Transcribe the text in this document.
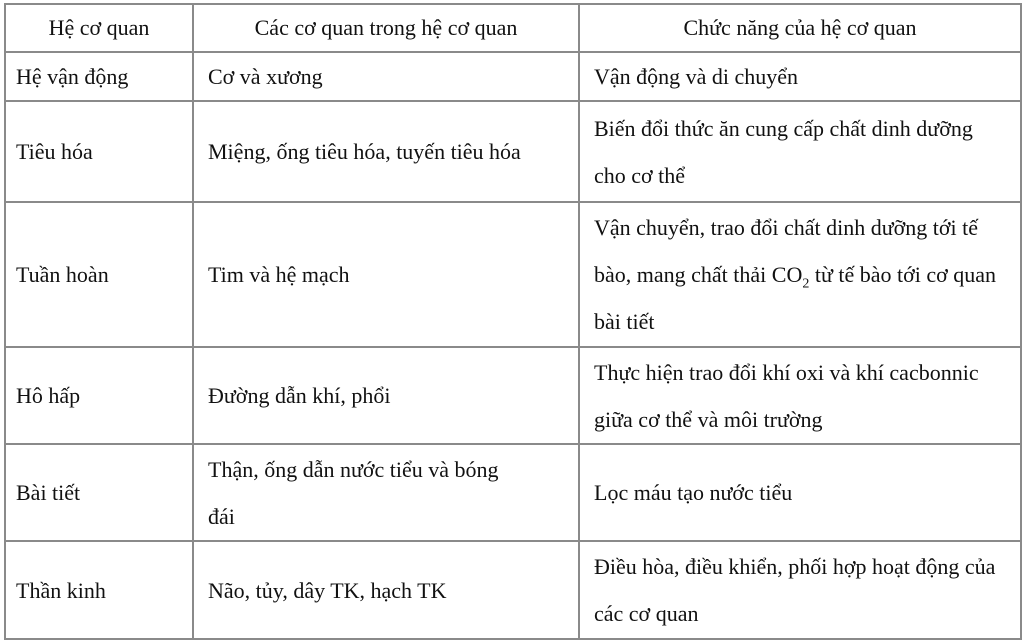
Hệ cơ quan	Các cơ quan trong hệ cơ quan	Chức năng của hệ cơ quan
Hệ vận động	Cơ và xương	Vận động và di chuyển
Tiêu hóa	Miệng, ống tiêu hóa, tuyến tiêu hóa	Biến đổi thức ăn cung cấp chất dinh dưỡng cho cơ thể
Tuần hoàn	Tim và hệ mạch	Vận chuyển, trao đổi chất dinh dưỡng tới tế bào, mang chất thải $CO_2$ từ tế bào tới cơ quan bài tiết
Hô hấp	Đường dẫn khí, phổi	Thực hiện trao đổi khí oxi và khí cacbonnic giữa cơ thể và môi trường
Bài tiết	Thận, ống dẫn nước tiểu và bóng đái	Lọc máu tạo nước tiểu
Thần kinh	Não, tủy, dây TK, hạch TK	Điều hòa, điều khiển, phối hợp hoạt động của các cơ quan
